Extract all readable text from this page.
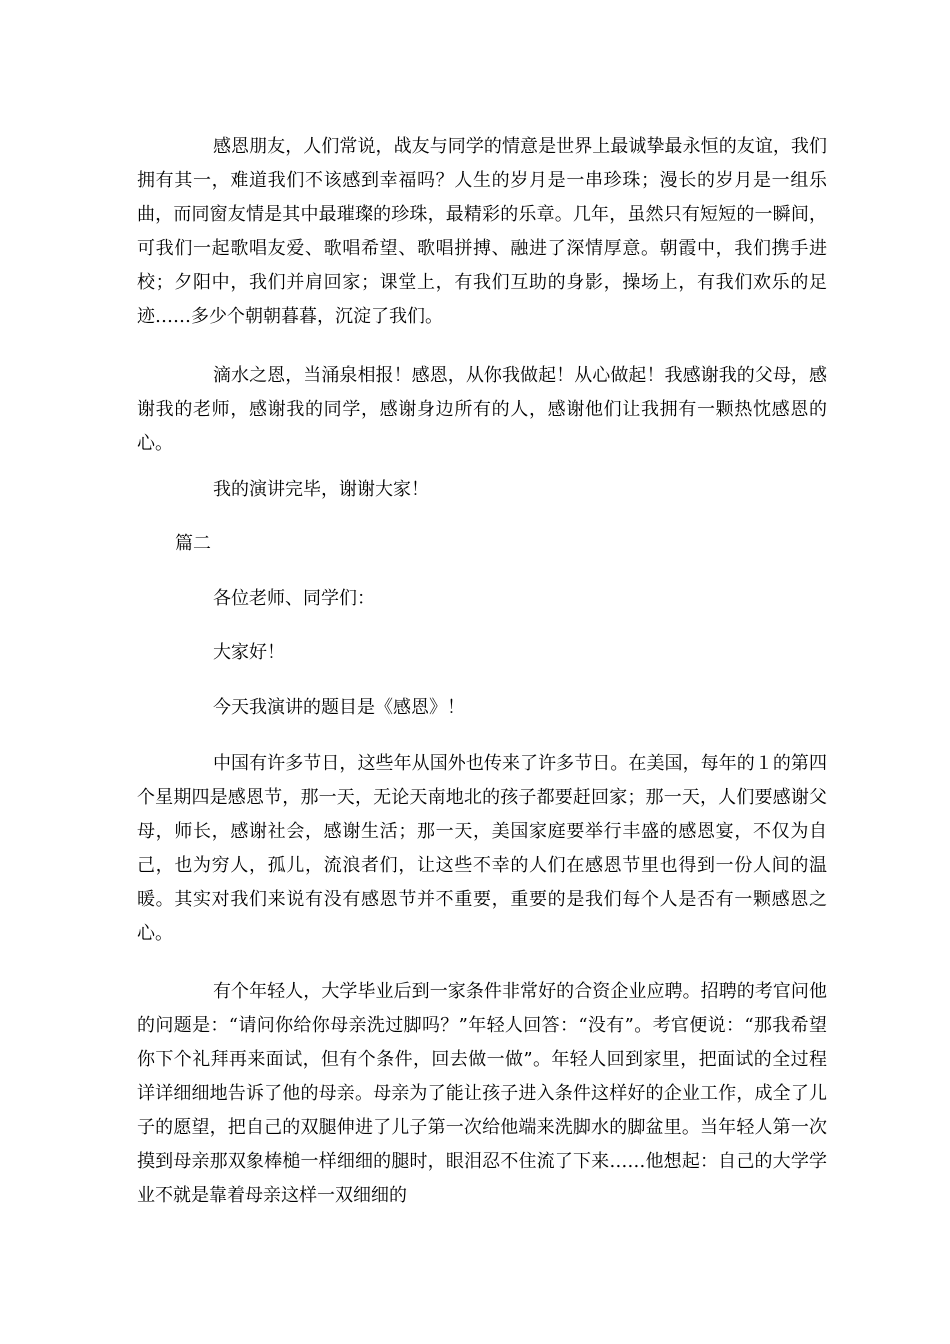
感恩朋友，人们常说，战友与同学的情意是世界上最诚挚最永恒的友谊，我们拥有其一，难道我们不该感到幸福吗？人生的岁月是一串珍珠；漫长的岁月是一组乐曲，而同窗友情是其中最璀璨的珍珠，最精彩的乐章。几年，虽然只有短短的一瞬间，可我们一起歌唱友爱、歌唱希望、歌唱拼搏、融进了深情厚意。朝霞中，我们携手进校；夕阳中，我们并肩回家；课堂上，有我们互助的身影，操场上，有我们欢乐的足迹……多少个朝朝暮暮，沉淀了我们。

滴水之恩，当涌泉相报！感恩，从你我做起！从心做起！我感谢我的父母，感谢我的老师，感谢我的同学，感谢身边所有的人，感谢他们让我拥有一颗热忱感恩的心。

我的演讲完毕，谢谢大家！

篇二

各位老师、同学们：

大家好！

今天我演讲的题目是《感恩》！

中国有许多节日，这些年从国外也传来了许多节日。在美国，每年的１的第四个星期四是感恩节，那一天，无论天南地北的孩子都要赶回家；那一天，人们要感谢父母，师长，感谢社会，感谢生活；那一天，美国家庭要举行丰盛的感恩宴，不仅为自己，也为穷人，孤儿，流浪者们，让这些不幸的人们在感恩节里也得到一份人间的温暖。其实对我们来说有没有感恩节并不重要，重要的是我们每个人是否有一颗感恩之心。

有个年轻人，大学毕业后到一家条件非常好的合资企业应聘。招聘的考官问他的问题是：“请问你给你母亲洗过脚吗？”年轻人回答：“没有”。考官便说：“那我希望你下个礼拜再来面试，但有个条件，回去做一做”。年轻人回到家里，把面试的全过程详详细细地告诉了他的母亲。母亲为了能让孩子进入条件这样好的企业工作，成全了儿子的愿望，把自己的双腿伸进了儿子第一次给他端来洗脚水的脚盆里。当年轻人第一次摸到母亲那双象棒槌一样细细的腿时，眼泪忍不住流了下来……他想起：自己的大学学业不就是靠着母亲这样一双细细的
